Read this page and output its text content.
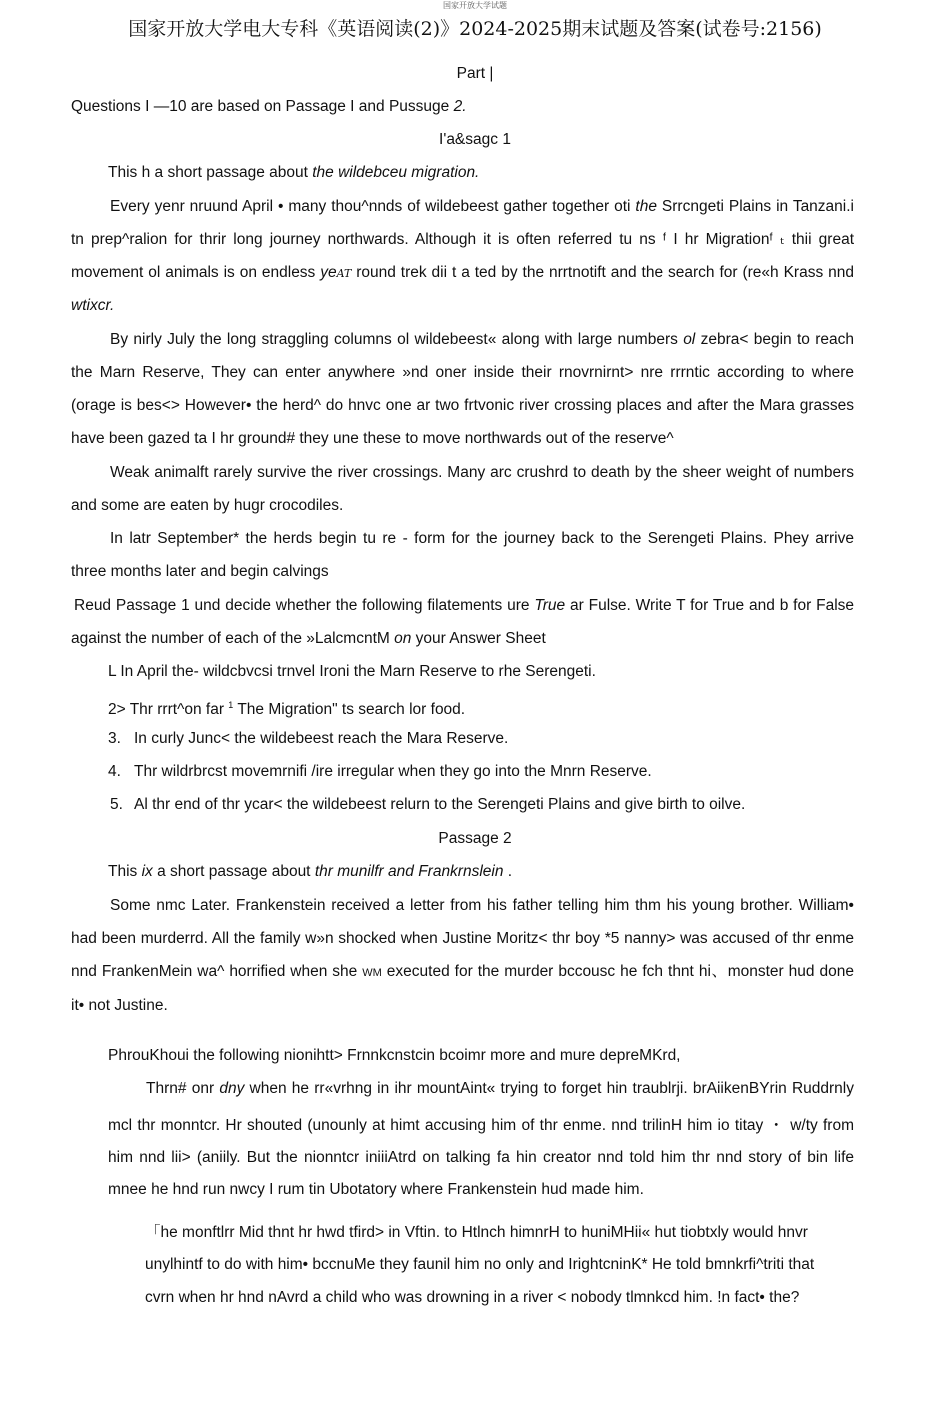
国家开放大学试题
国家开放大学电大专科《英语阅读(2)》2024-2025期末试题及答案(试卷号:2156)
Part |
Questions I —10 are based on Passage I and Pussuge 2.
I'a&sagc 1
This h a short passage about the wildebceu migration.
Every yenr nruund April • many thou^nnds of wildebeest gather together oti the Srrcngeti Plains in Tanzani.i
tn prep^ralion for thrir long journey northwards. Although it is often referred tu ns ᶠ I hr Migrationᶠ ₜ thii great
movement ol animals is on endless yeAT round trek dii t a ted by the nrrtnotift and the search for (re«h Krass nnd
wtixcr.
By nirly July the long straggling columns ol wildebeest« along with large numbers ol zebra< begin to reach
the Marn Reserve, They can enter anywhere »nd oner inside their rnovrnirnt> nre rrrntic according to where
(orage is bes<> However• the herd^ do hnvc one ar two frtvonic river crossing places and after the Mara grasses
have been gazed ta I hr ground# they une these to move northwards out of the reserve^
Weak animalft rarely survive the river crossings. Many arc crushrd to death by the sheer weight of numbers
and some are eaten by hugr crocodiles.
In latr September* the herds begin tu re - form for the journey back to the Serengeti Plains. Phey arrive
three months later and begin calvings
Reud Passage 1 und decide whether the following filatements ure True ar Fulse. Write T for True and b for False
against the number of each of the »LalcmcntM on your Answer Sheet
L In April the- wildcbvcsi trnvel Ironi the Marn Reserve to rhe Serengeti.
2> Thr rrrt^on far $^1$ The Migration" ts search lor food.
3. In curly Junc< the wildebeest reach the Mara Reserve.
4. Thr wildrbrcst movemrnifi /ire irregular when they go into the Mnrn Reserve.
5. Al thr end of thr ycar< the wildebeest relurn to the Serengeti Plains and give birth to oilve.
Passage 2
This ix a short passage about thr munilfr and Frankrnslein .
Some nmc Later. Frankenstein received a letter from his father telling him thm his young brother. William•
had been murderrd. All the family w»n shocked when Justine Moritz< thr boy *5 nanny> was accused of thr enme
nnd FrankenMein wa^ horrified when she WM executed for the murder bccousc he fch thnt hi、monster hud done
it• not Justine.
PhrouKhoui the following nionihtt> Frnnkcnstcin bcoimr more and mure depreMKrd,
Thrn# onr dny when he rr«vrhng in ihr mountAint« trying to forget hin traublrji. brAiikenBYrin Ruddrnly
mcl thr monntcr. Hr shouted (unounly at himt accusing him of thr enme. nnd trilinH him io titay ・ w/ty from
him nnd lii> (aniily. But the nionntcr iniiiAtrd on talking fa hin creator nnd told him thr nnd story of bin life
mnee he hnd run nwcy I rum tin Ubotatory where Frankenstein hud made him.
「he monftlrr Mid thnt hr hwd tfird> in Vftin. to Htlnch himnrH to huniMHii« hut tiobtxly would hnvr
unylhintf to do with him• bccnuMe they faunil him no only and IrightcninK* He told bmnkrfi^triti that
cvrn when hr hnd nAvrd a child who was drowning in a river < nobody tlmnkcd him. !n fact• the?
